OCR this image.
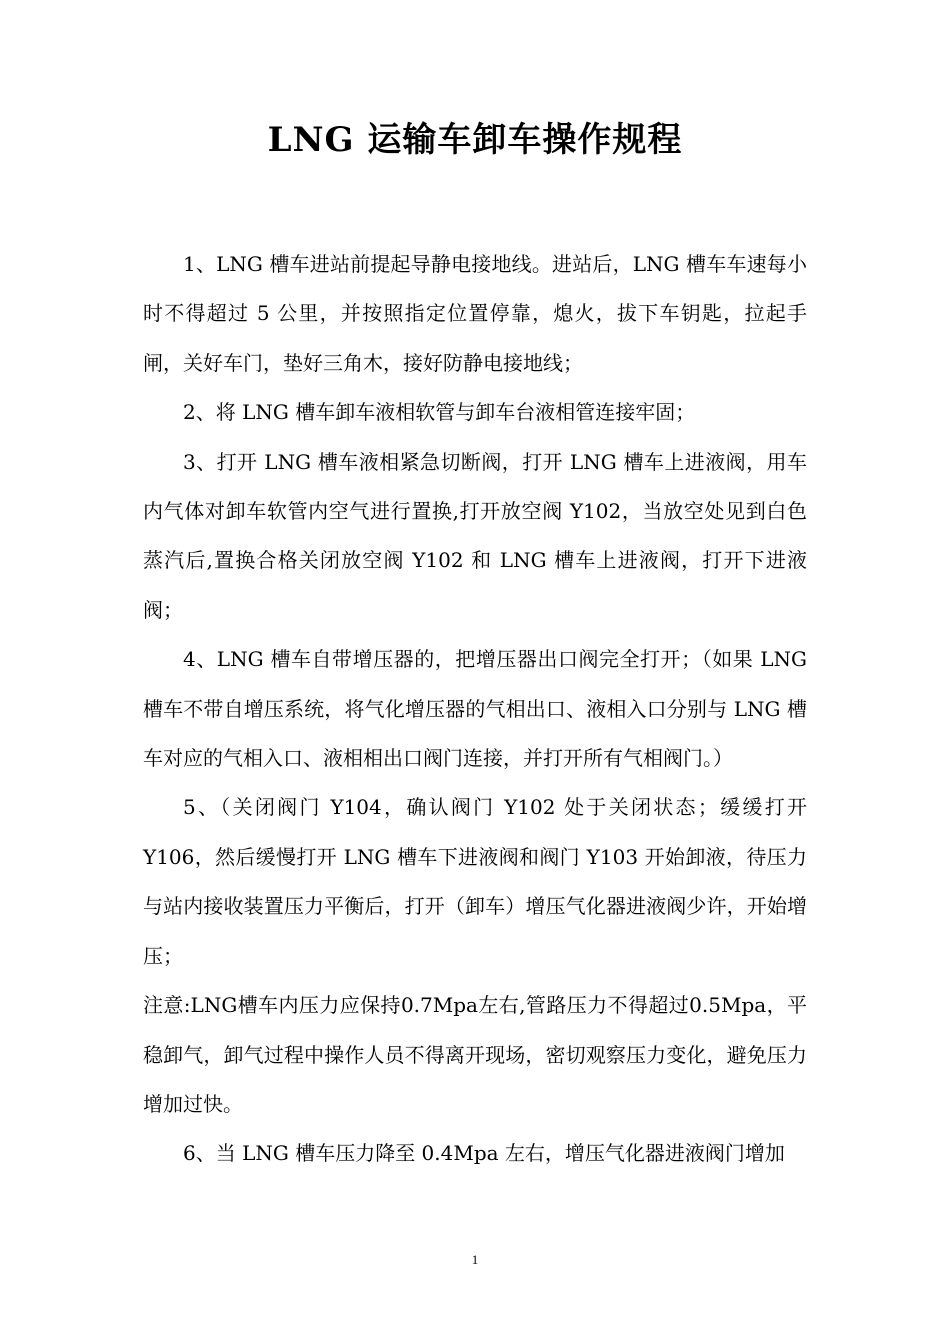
LNG 运输车卸车操作规程

1、LNG 槽车进站前提起导静电接地线。进站后，LNG 槽车车速每小时不得超过 5 公里，并按照指定位置停靠，熄火，拔下车钥匙，拉起手闸，关好车门，垫好三角木，接好防静电接地线；

2、将 LNG 槽车卸车液相软管与卸车台液相管连接牢固；

3、打开 LNG 槽车液相紧急切断阀，打开 LNG 槽车上进液阀，用车内气体对卸车软管内空气进行置换,打开放空阀 Y102，当放空处见到白色蒸汽后,置换合格关闭放空阀 Y102 和 LNG 槽车上进液阀，打开下进液阀；

4、LNG 槽车自带增压器的，把增压器出口阀完全打开；（如果 LNG 槽车不带自增压系统，将气化增压器的气相出口、液相入口分别与 LNG 槽车对应的气相入口、液相相出口阀门连接，并打开所有气相阀门。）

5、（关闭阀门 Y104，确认阀门 Y102 处于关闭状态；缓缓打开 Y106，然后缓慢打开 LNG 槽车下进液阀和阀门 Y103 开始卸液，待压力与站内接收装置压力平衡后，打开（卸车）增压气化器进液阀少许，开始增压；

注意:LNG槽车内压力应保持0.7Mpa左右,管路压力不得超过0.5Mpa，平稳卸气，卸气过程中操作人员不得离开现场，密切观察压力变化，避免压力增加过快。

6、当 LNG 槽车压力降至 0.4Mpa 左右，增压气化器进液阀门增加

1
